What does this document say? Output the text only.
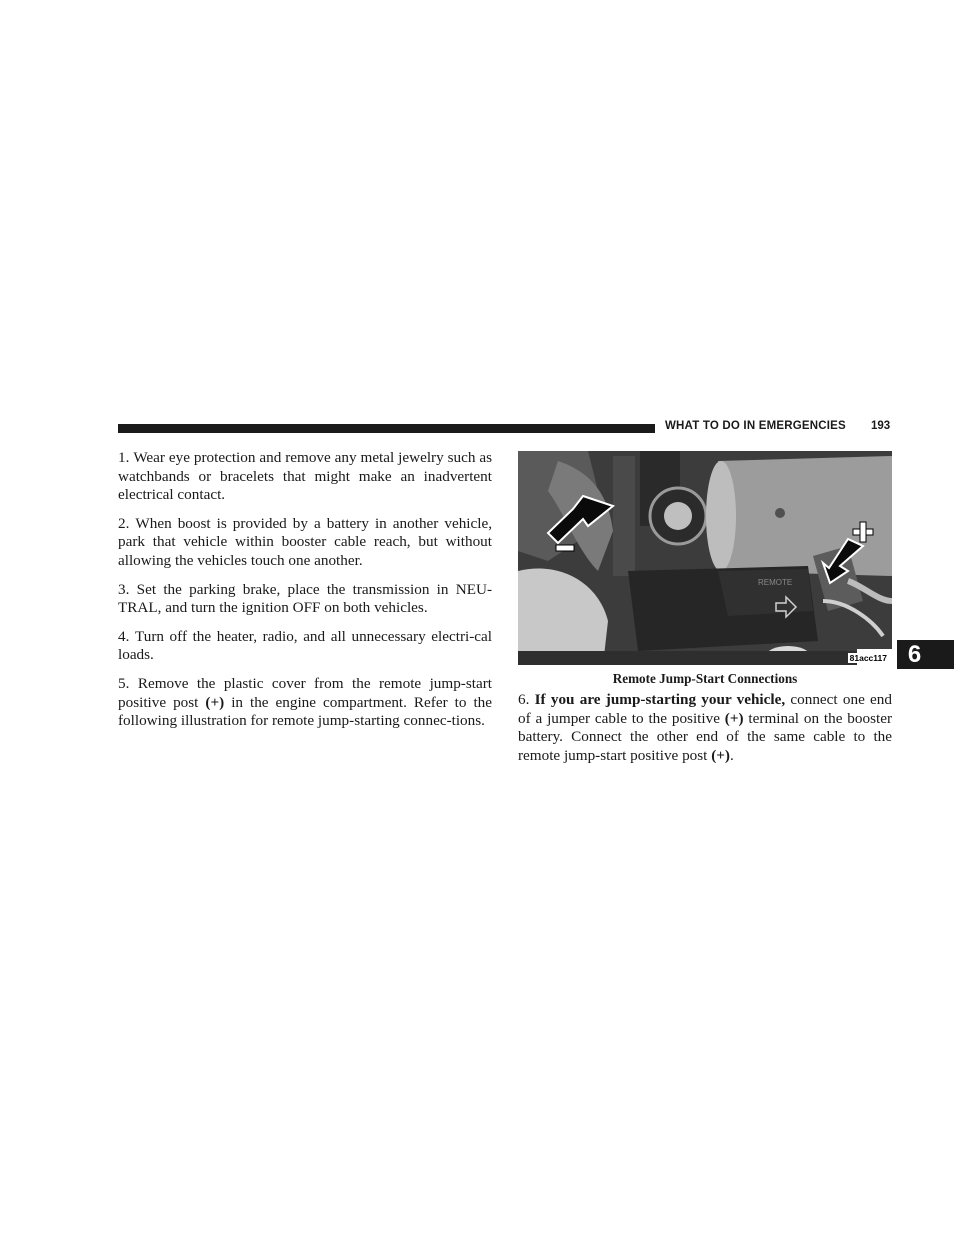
WHAT TO DO IN EMERGENCIES 193

1. Wear eye protection and remove any metal jewelry such as watchbands or bracelets that might make an inadvertent electrical contact.

2. When boost is provided by a battery in another vehicle, park that vehicle within booster cable reach, but without allowing the vehicles touch one another.

3. Set the parking brake, place the transmission in NEU-TRAL, and turn the ignition OFF on both vehicles.

4. Turn off the heater, radio, and all unnecessary electri-cal loads.

5. Remove the plastic cover from the remote jump-start positive post (+) in the engine compartment. Refer to the following illustration for remote jump-starting connec-tions.

REMOTE
81acc117
Remote Jump-Start Connections

6. If you are jump-starting your vehicle, connect one end of a jumper cable to the positive (+) terminal on the booster battery. Connect the other end of the same cable to the remote jump-start positive post (+).

6
